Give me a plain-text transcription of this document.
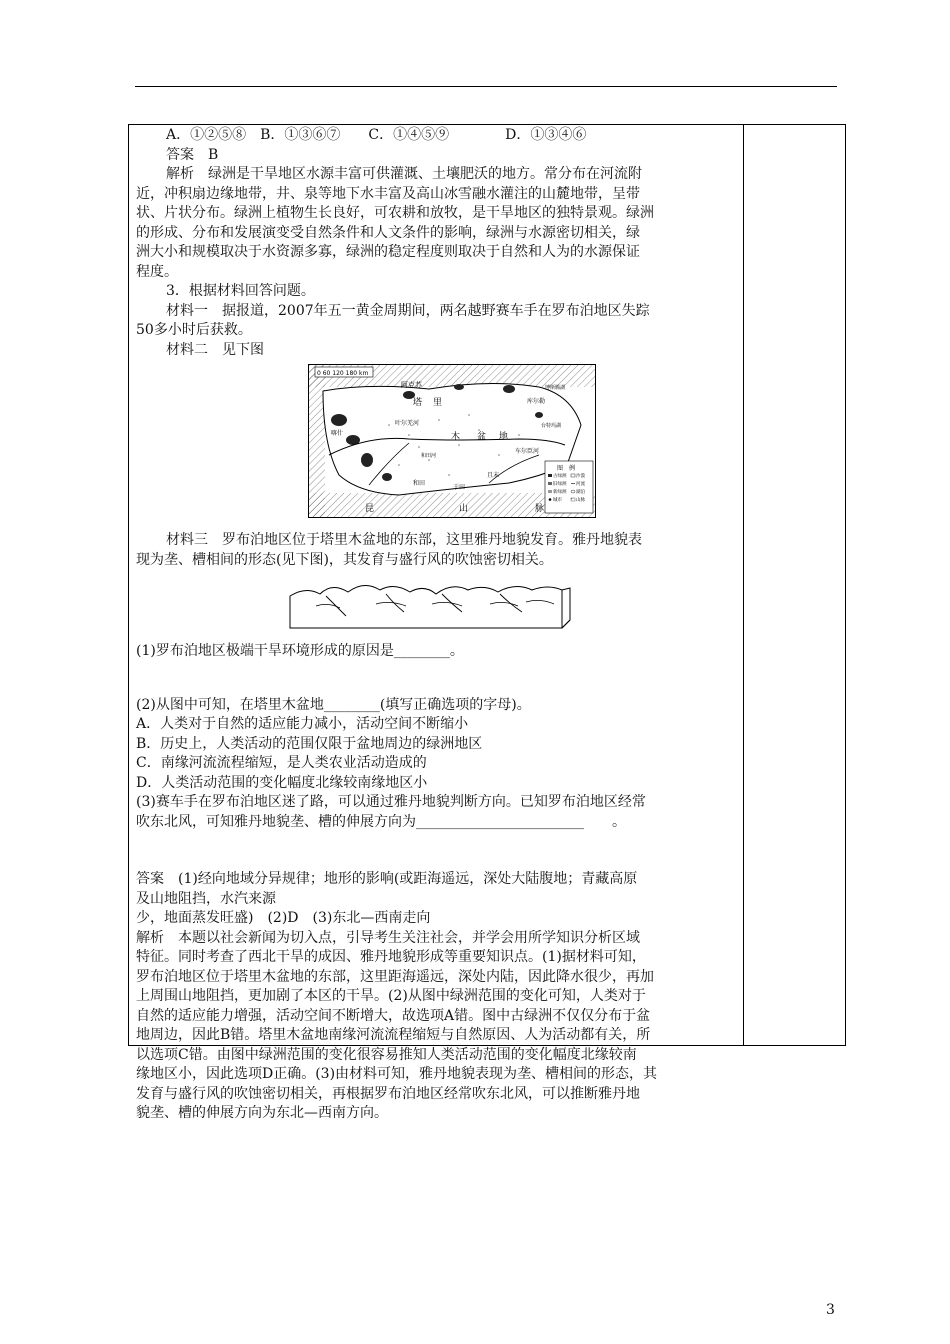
A．①②⑤⑧　B．①③⑥⑦　　C．①④⑤⑨　　　　D．①③④⑥

答案　B

解析　绿洲是干旱地区水源丰富可供灌溉、土壤肥沃的地方。常分布在河流附

近，冲积扇边缘地带，井、泉等地下水丰富及高山冰雪融水灌注的山麓地带，呈带

状、片状分布。绿洲上植物生长良好，可农耕和放牧，是干旱地区的独特景观。绿洲

的形成、分布和发展演变受自然条件和人文条件的影响，绿洲与水源密切相关，绿

洲大小和规模取决于水资源多寡，绿洲的稳定程度则取决于自然和人为的水源保证

程度。

3．根据材料回答问题。

材料一　据报道，2007年五一黄金周期间，两名越野赛车手在罗布泊地区失踪

50多小时后获救。

材料二　见下图

0 60 120 180 km
阿克苏
塔 里
木 盆 地
库尔勒
博斯腾湖
叶尔羌河
和田
和田河
且末
车尔臣河
于田
喀什
昆	山	脉
台特玛湖
图　例
古绿洲 沙漠
旧绿洲 河流
新绿洲 湖泊
城市	山脉

材料三　罗布泊地区位于塔里木盆地的东部，这里雅丹地貌发育。雅丹地貌表

现为垄、槽相间的形态(见下图)，其发育与盛行风的吹蚀密切相关。

(1)罗布泊地区极端干旱环境形成的原因是________。

(2)从图中可知，在塔里木盆地________(填写正确选项的字母)。

A．人类对于自然的适应能力减小，活动空间不断缩小

B．历史上，人类活动的范围仅限于盆地周边的绿洲地区

C．南缘河流流程缩短，是人类农业活动造成的

D．人类活动范围的变化幅度北缘较南缘地区小

(3)赛车手在罗布泊地区迷了路，可以通过雅丹地貌判断方向。已知罗布泊地区经常

吹东北风，可知雅丹地貌垄、槽的伸展方向为________________________　　。

答案　(1)经向地域分异规律；地形的影响(或距海遥远，深处大陆腹地；青藏高原

及山地阻挡，水汽来源

少，地面蒸发旺盛)　(2)D　(3)东北—西南走向

解析　本题以社会新闻为切入点，引导考生关注社会，并学会用所学知识分析区域

特征。同时考查了西北干旱的成因、雅丹地貌形成等重要知识点。(1)据材料可知，

罗布泊地区位于塔里木盆地的东部，这里距海遥远，深处内陆，因此降水很少，再加

上周围山地阻挡，更加剧了本区的干旱。(2)从图中绿洲范围的变化可知，人类对于

自然的适应能力增强，活动空间不断增大，故选项A错。图中古绿洲不仅仅分布于盆

地周边，因此B错。塔里木盆地南缘河流流程缩短与自然原因、人为活动都有关，所

以选项C错。由图中绿洲范围的变化很容易推知人类活动范围的变化幅度北缘较南

缘地区小，因此选项D正确。(3)由材料可知，雅丹地貌表现为垄、槽相间的形态，其

发育与盛行风的吹蚀密切相关，再根据罗布泊地区经常吹东北风，可以推断雅丹地

貌垄、槽的伸展方向为东北—西南方向。

3
